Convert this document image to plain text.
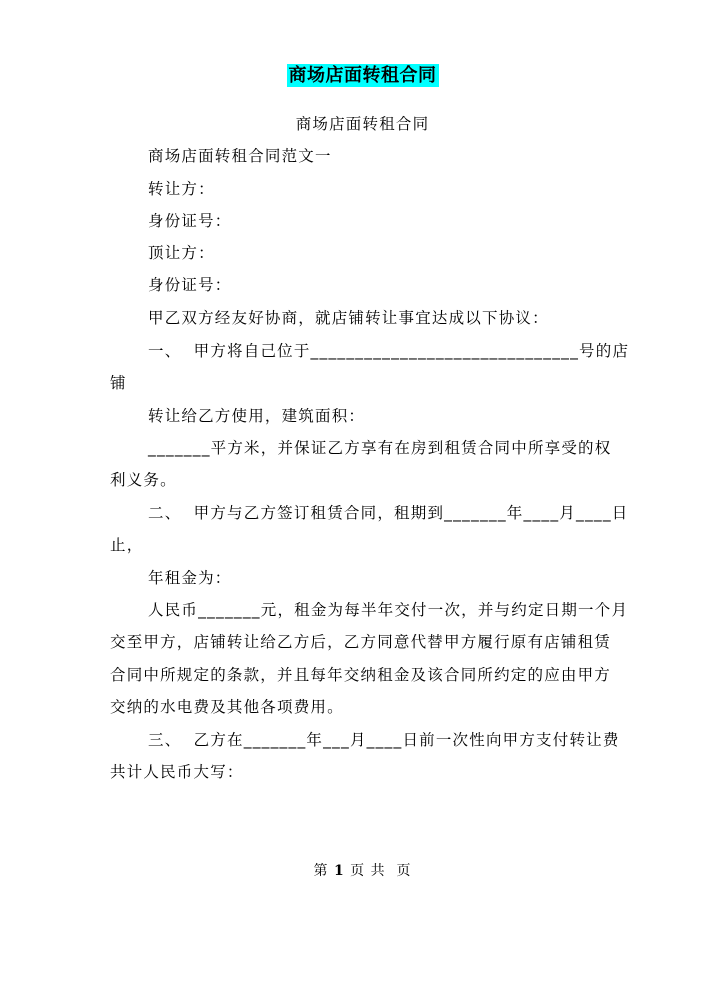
商场店面转租合同
商场店面转租合同
商场店面转租合同范文一
转让方：
身份证号：
顶让方：
身份证号：
甲乙双方经友好协商，就店铺转让事宜达成以下协议：
一、  甲方将自己位于______________________________号的店
铺
转让给乙方使用，建筑面积：
_______平方米，并保证乙方享有在房到租赁合同中所享受的权
利义务。
二、  甲方与乙方签订租赁合同，租期到_______年____月____日
止，
年租金为：
人民币_______元，租金为每半年交付一次，并与约定日期一个月
交至甲方，店铺转让给乙方后，乙方同意代替甲方履行原有店铺租赁
合同中所规定的条款，并且每年交纳租金及该合同所约定的应由甲方
交纳的水电费及其他各项费用。
三、  乙方在_______年___月____日前一次性向甲方支付转让费
共计人民币大写：
第 1 页 共  页
